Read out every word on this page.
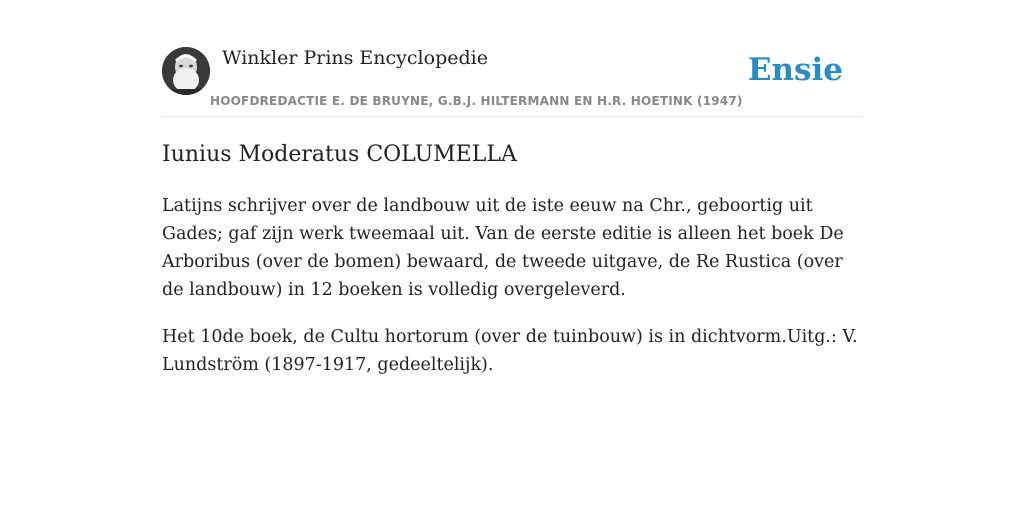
Winkler Prins Encyclopedie
HOOFDREDACTIE E. DE BRUYNE, G.B.J. HILTERMANN EN H.R. HOETINK (1947)
Ensie
Iunius Moderatus COLUMELLA

Latijns schrijver over de landbouw uit de iste eeuw na Chr., geboortig uit Gades; gaf zijn werk tweemaal uit. Van de eerste editie is alleen het boek De Arboribus (over de bomen) bewaard, de tweede uitgave, de Re Rustica (over de landbouw) in 12 boeken is volledig overgeleverd.

Het 10de boek, de Cultu hortorum (over de tuinbouw) is in dichtvorm.Uitg.: V. Lundström (1897-1917, gedeeltelijk).
